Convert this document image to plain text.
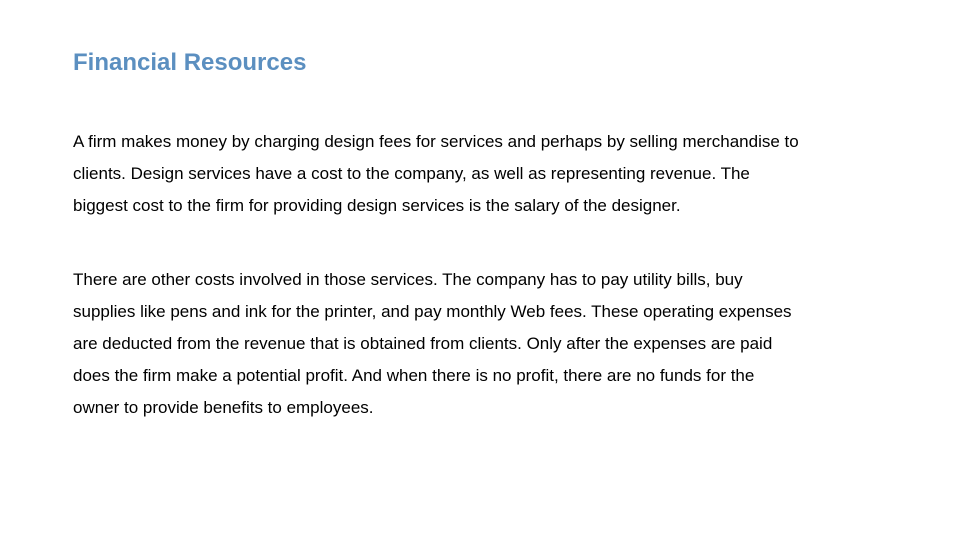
Financial Resources

A firm makes money by charging design fees for services and perhaps by selling merchandise to
clients. Design services have a cost to the company, as well as representing revenue. The
biggest cost to the firm for providing design services is the salary of the designer.

There are other costs involved in those services. The company has to pay utility bills, buy
supplies like pens and ink for the printer, and pay monthly Web fees. These operating expenses
are deducted from the revenue that is obtained from clients. Only after the expenses are paid
does the firm make a potential profit. And when there is no profit, there are no funds for the
owner to provide benefits to employees.
